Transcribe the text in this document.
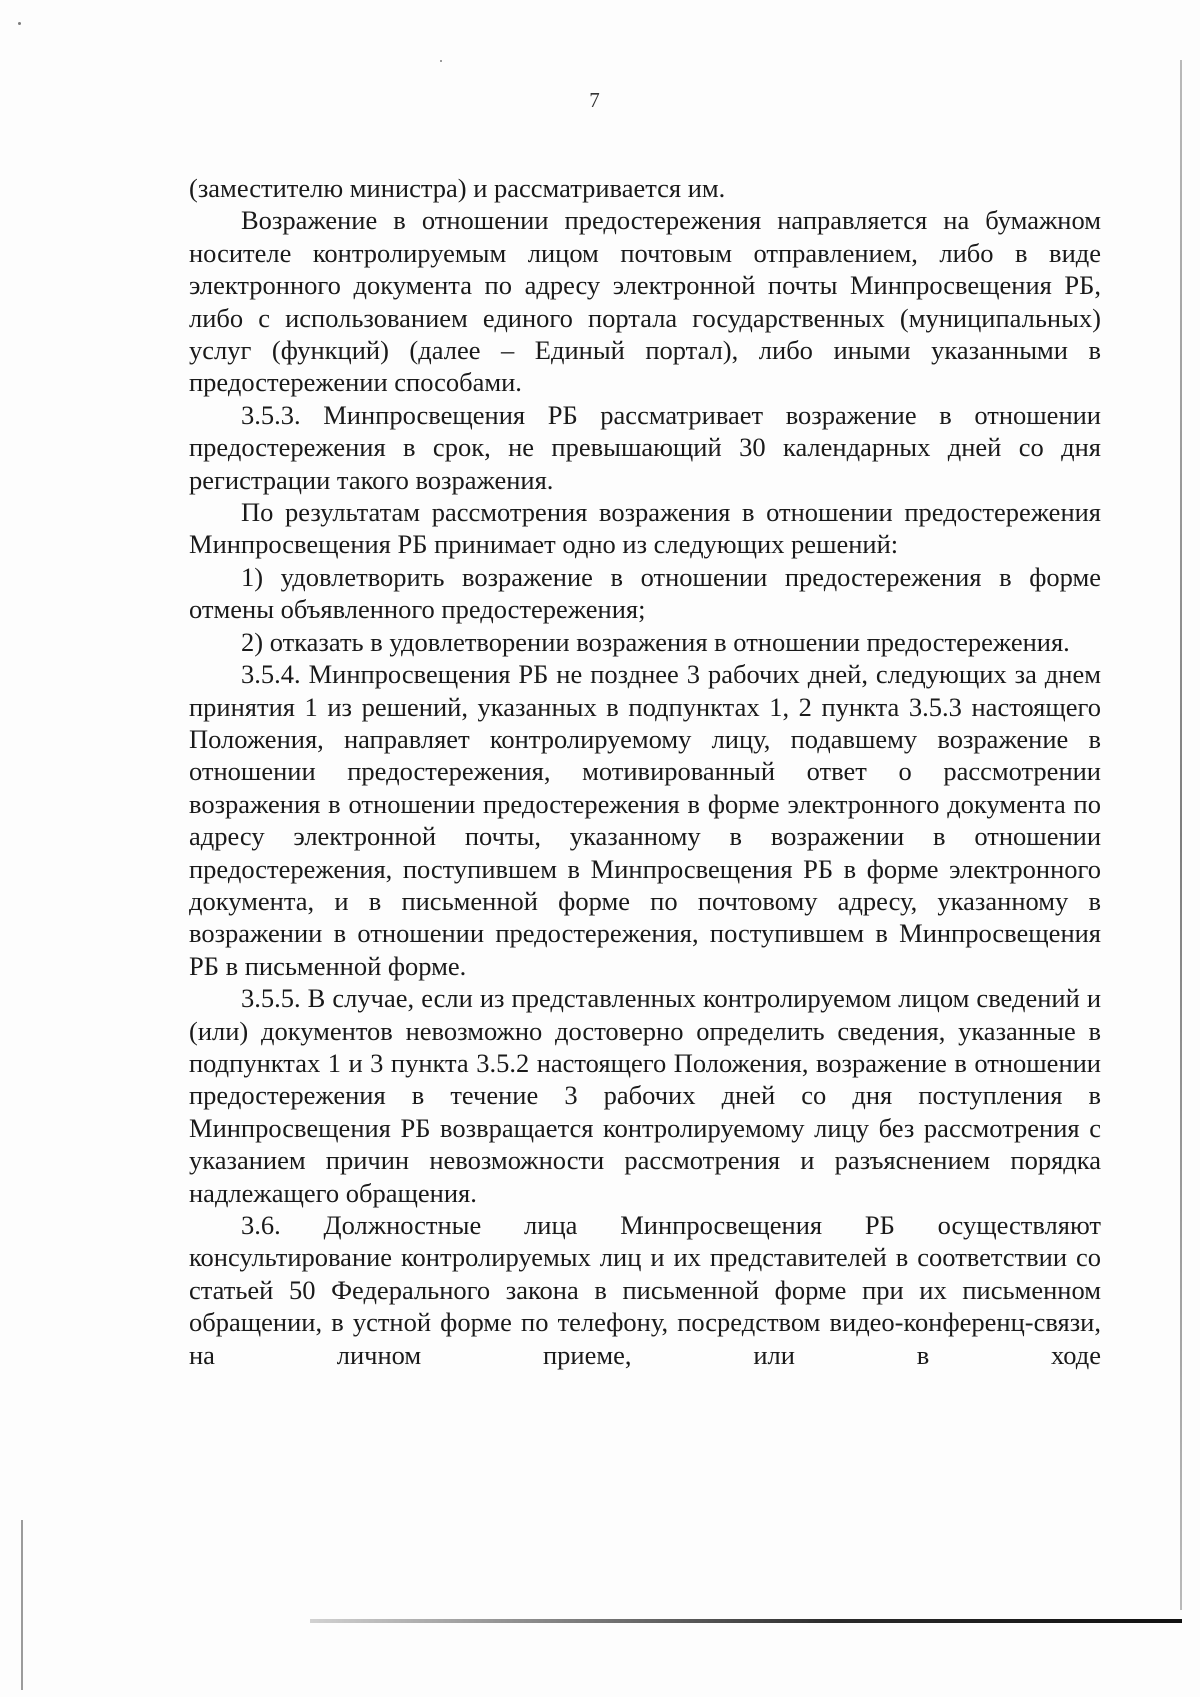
7

(заместителю министра) и рассматривается им.

Возражение в отношении предостережения направляется на бумажном носителе контролируемым лицом почтовым отправлением, либо в виде электронного документа по адресу электронной почты Минпросвещения РБ, либо с использованием единого портала государственных (муниципальных) услуг (функций) (далее – Единый портал), либо иными указанными в предостережении способами.

3.5.3. Минпросвещения РБ рассматривает возражение в отношении предостережения в срок, не превышающий 30 календарных дней со дня регистрации такого возражения.

По результатам рассмотрения возражения в отношении предостережения Минпросвещения РБ принимает одно из следующих решений:

1) удовлетворить возражение в отношении предостережения в форме отмены объявленного предостережения;

2) отказать в удовлетворении возражения в отношении предостережения.

3.5.4. Минпросвещения РБ не позднее 3 рабочих дней, следующих за днем принятия 1 из решений, указанных в подпунктах 1, 2 пункта 3.5.3 настоящего Положения, направляет контролируемому лицу, подавшему возражение в отношении предостережения, мотивированный ответ о рассмотрении возражения в отношении предостережения в форме электронного документа по адресу электронной почты, указанному в возражении в отношении предостережения, поступившем в Минпросвещения РБ в форме электронного документа, и в письменной форме по почтовому адресу, указанному в возражении в отношении предостережения, поступившем в Минпросвещения РБ в письменной форме.

3.5.5. В случае, если из представленных контролируемом лицом сведений и (или) документов невозможно достоверно определить сведения, указанные в подпунктах 1 и 3 пункта 3.5.2 настоящего Положения, возражение в отношении предостережения в течение 3 рабочих дней со дня поступления в Минпросвещения РБ возвращается контролируемому лицу без рассмотрения с указанием причин невозможности рассмотрения и разъяснением порядка надлежащего обращения.

3.6. Должностные лица Минпросвещения РБ осуществляют консультирование контролируемых лиц и их представителей в соответствии со статьей 50 Федерального закона в письменной форме при их письменном обращении, в устной форме по телефону, посредством видео-конференц-связи, на личном приеме, или в ходе
